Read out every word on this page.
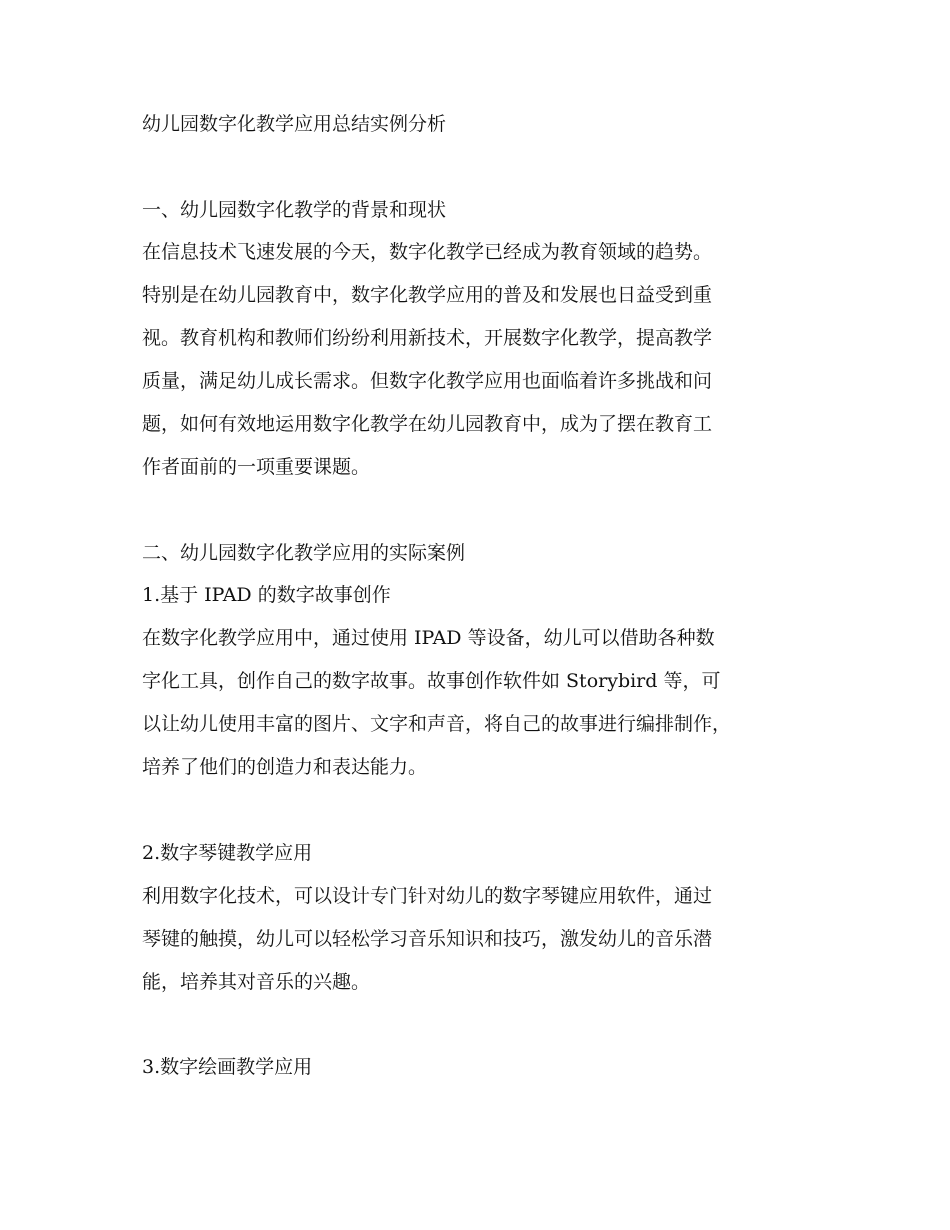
幼儿园数字化教学应用总结实例分析

一、幼儿园数字化教学的背景和现状

在信息技术飞速发展的今天，数字化教学已经成为教育领域的趋势。

特别是在幼儿园教育中，数字化教学应用的普及和发展也日益受到重

视。教育机构和教师们纷纷利用新技术，开展数字化教学，提高教学

质量，满足幼儿成长需求。但数字化教学应用也面临着许多挑战和问

题，如何有效地运用数字化教学在幼儿园教育中，成为了摆在教育工

作者面前的一项重要课题。

二、幼儿园数字化教学应用的实际案例

1.基于 IPAD 的数字故事创作

在数字化教学应用中，通过使用 IPAD 等设备，幼儿可以借助各种数

字化工具，创作自己的数字故事。故事创作软件如 Storybird 等，可

以让幼儿使用丰富的图片、文字和声音，将自己的故事进行编排制作，

培养了他们的创造力和表达能力。

2.数字琴键教学应用

利用数字化技术，可以设计专门针对幼儿的数字琴键应用软件，通过

琴键的触摸，幼儿可以轻松学习音乐知识和技巧，激发幼儿的音乐潜

能，培养其对音乐的兴趣。

3.数字绘画教学应用
